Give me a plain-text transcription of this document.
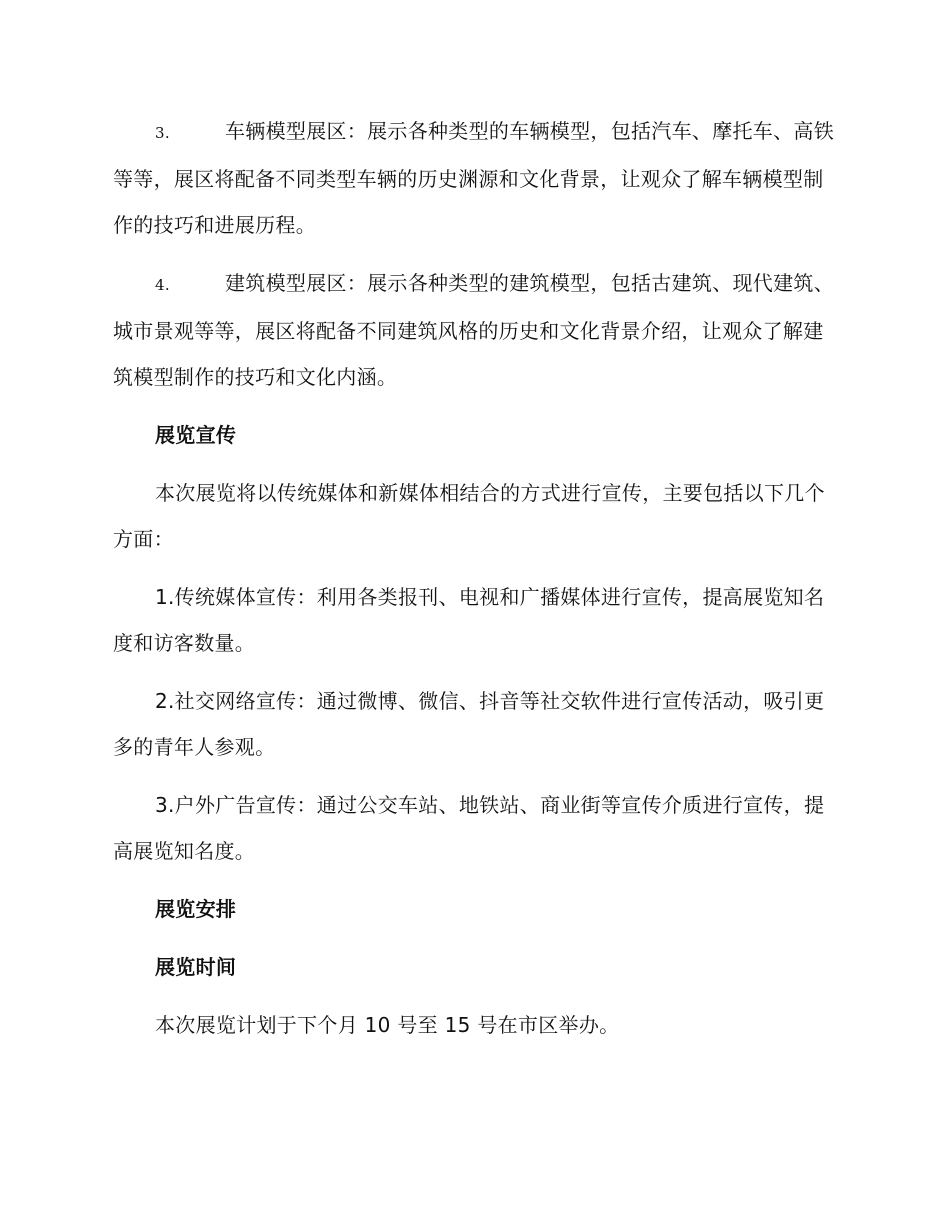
3.	车辆模型展区：展示各种类型的车辆模型，包括汽车、摩托车、高铁等等，展区将配备不同类型车辆的历史渊源和文化背景，让观众了解车辆模型制作的技巧和进展历程。

4.	建筑模型展区：展示各种类型的建筑模型，包括古建筑、现代建筑、城市景观等等，展区将配备不同建筑风格的历史和文化背景介绍，让观众了解建筑模型制作的技巧和文化内涵。

展览宣传

本次展览将以传统媒体和新媒体相结合的方式进行宣传，主要包括以下几个方面：

1.传统媒体宣传：利用各类报刊、电视和广播媒体进行宣传，提高展览知名度和访客数量。

2.社交网络宣传：通过微博、微信、抖音等社交软件进行宣传活动，吸引更多的青年人参观。

3.户外广告宣传：通过公交车站、地铁站、商业街等宣传介质进行宣传，提高展览知名度。

展览安排

展览时间

本次展览计划于下个月 10 号至 15 号在市区举办。
